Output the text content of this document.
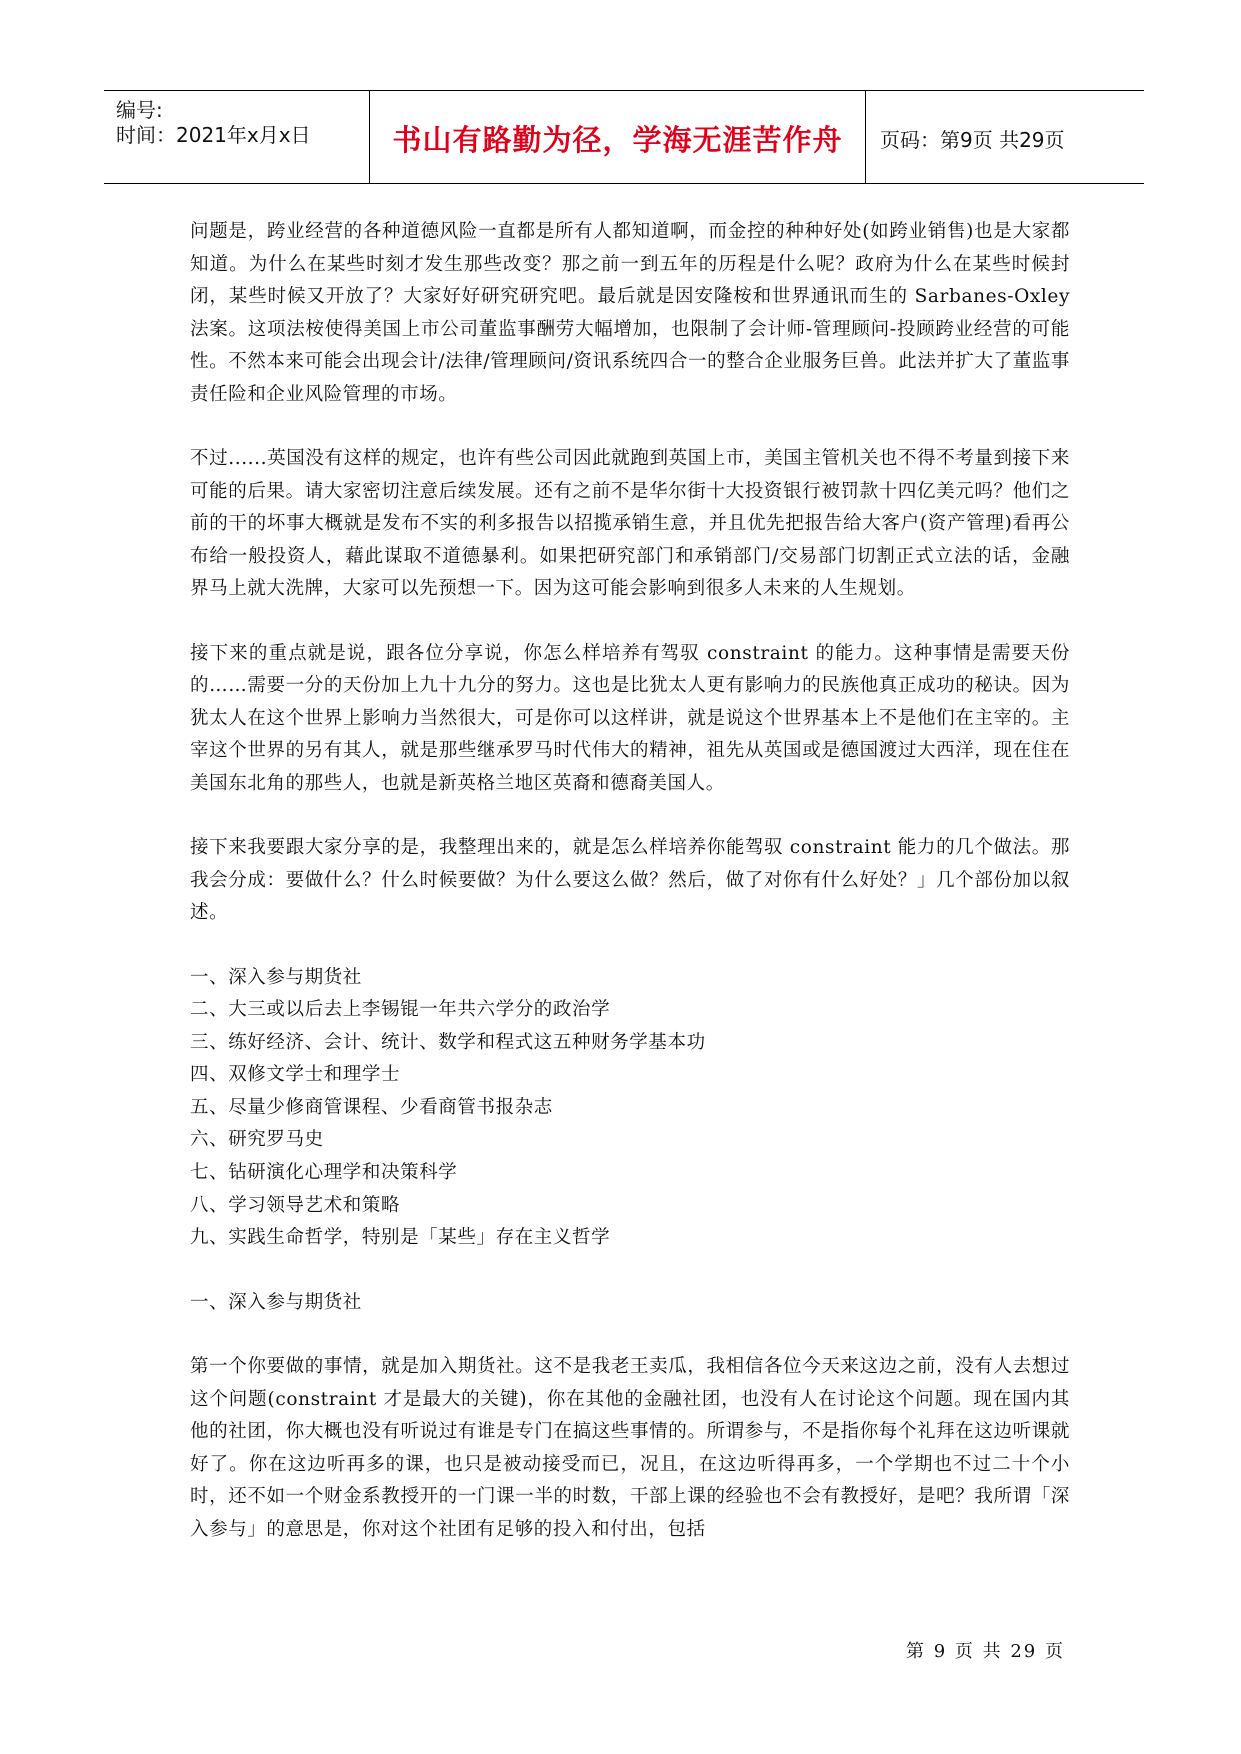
编号:
时间：2021年x月x日	书山有路勤为径，学海无涯苦作舟	页码：第9页 共29页

问题是，跨业经营的各种道德风险一直都是所有人都知道啊，而金控的种种好处(如跨业销售)也是大家都知道。为什么在某些时刻才发生那些改变？那之前一到五年的历程是什么呢？政府为什么在某些时候封闭，某些时候又开放了？大家好好研究研究吧。最后就是因安隆桉和世界通讯而生的 Sarbanes-Oxley 法案。这项法桉使得美国上市公司董监事酬劳大幅增加，也限制了会计师-管理顾问-投顾跨业经营的可能性。不然本来可能会出现会计/法律/管理顾问/资讯系统四合一的整合企业服务巨兽。此法并扩大了董监事责任险和企业风险管理的市场。

不过......英国没有这样的规定，也许有些公司因此就跑到英国上市，美国主管机关也不得不考量到接下来可能的后果。请大家密切注意后续发展。还有之前不是华尔街十大投资银行被罚款十四亿美元吗？他们之前的干的坏事大概就是发布不实的利多报告以招揽承销生意，并且优先把报告给大客户(资产管理)看再公布给一般投资人，藉此谋取不道德暴利。如果把研究部门和承销部门/交易部门切割正式立法的话，金融界马上就大洗牌，大家可以先预想一下。因为这可能会影响到很多人未来的人生规划。

接下来的重点就是说，跟各位分享说，你怎么样培养有驾驭 constraint 的能力。这种事情是需要天份的……需要一分的天份加上九十九分的努力。这也是比犹太人更有影响力的民族他真正成功的秘诀。因为犹太人在这个世界上影响力当然很大，可是你可以这样讲，就是说这个世界基本上不是他们在主宰的。主宰这个世界的另有其人，就是那些继承罗马时代伟大的精神，祖先从英国或是德国渡过大西洋，现在住在美国东北角的那些人，也就是新英格兰地区英裔和德裔美国人。

接下来我要跟大家分享的是，我整理出来的，就是怎么样培养你能驾驭 constraint 能力的几个做法。那我会分成：要做什么？什么时候要做？为什么要这么做？然后，做了对你有什么好处？」几个部份加以叙述。

一、深入参与期货社
二、大三或以后去上李锡锟一年共六学分的政治学
三、练好经济、会计、统计、数学和程式这五种财务学基本功
四、双修文学士和理学士
五、尽量少修商管课程、少看商管书报杂志
六、研究罗马史
七、钻研演化心理学和决策科学
八、学习领导艺术和策略
九、实践生命哲学，特别是「某些」存在主义哲学
一、深入参与期货社

第一个你要做的事情，就是加入期货社。这不是我老王卖瓜，我相信各位今天来这边之前，没有人去想过这个问题(constraint 才是最大的关键)，你在其他的金融社团，也没有人在讨论这个问题。现在国内其他的社团，你大概也没有听说过有谁是专门在搞这些事情的。所谓参与，不是指你每个礼拜在这边听课就好了。你在这边听再多的课，也只是被动接受而已，况且，在这边听得再多，一个学期也不过二十个小时，还不如一个财金系教授开的一门课一半的时数，干部上课的经验也不会有教授好，是吧？我所谓「深入参与」的意思是，你对这个社团有足够的投入和付出，包括

第 9 页 共 29 页
